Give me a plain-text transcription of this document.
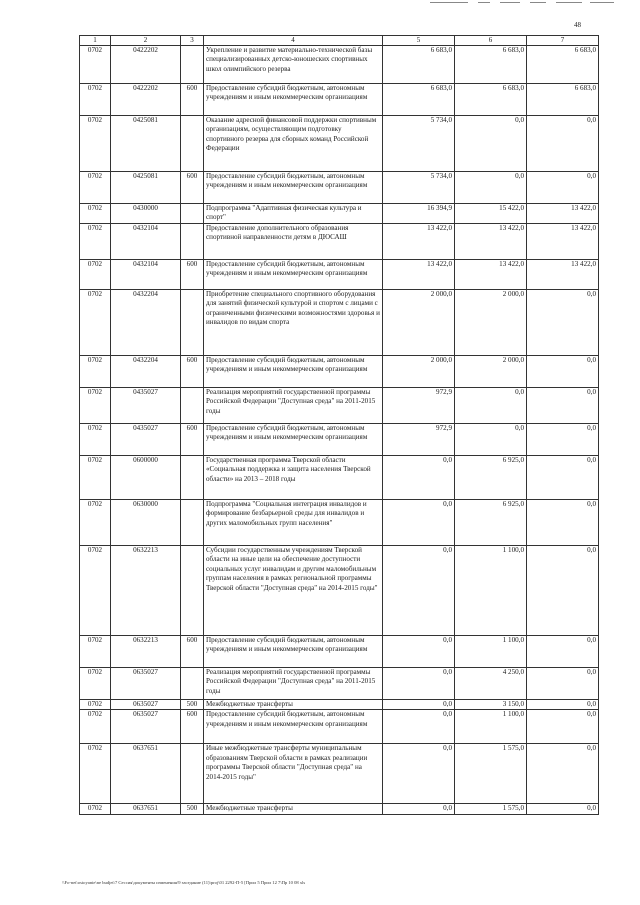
48
1	2	3	4	5	6	7
0702	0422202		Укрепление и развитие материально-технической базы специализированных детско-юношеских спортивных школ олимпийского резерва	6 683,0	6 683,0	6 683,0
0702	0422202	600	Предоставление субсидий бюджетным, автономным учреждениям и иным некоммерческим организациям	6 683,0	6 683,0	6 683,0
0702	0425081		Оказание адресной финансовой поддержки спортивным организациям, осуществляющим подготовку спортивного резерва для сборных команд Российской Федерации	5 734,0	0,0	0,0
0702	0425081	600	Предоставление субсидий бюджетным, автономным учреждениям и иным некоммерческим организациям	5 734,0	0,0	0,0
0702	0430000		Подпрограмма "Адаптивная физическая культура и спорт"	16 394,9	15 422,0	13 422,0
0702	0432104		Предоставление дополнительного образования спортивной направленности детям в ДЮСАШ	13 422,0	13 422,0	13 422,0
0702	0432104	600	Предоставление субсидий бюджетным, автономным учреждениям и иным некоммерческим организациям	13 422,0	13 422,0	13 422,0
0702	0432204		Приобретение специального спортивного оборудования для занятий физической культурой и спортом с лицами с ограниченными физическими возможностями здоровья и инвалидов по видам спорта	2 000,0	2 000,0	0,0
0702	0432204	600	Предоставление субсидий бюджетным, автономным учреждениям и иным некоммерческим организациям	2 000,0	2 000,0	0,0
0702	0435027		Реализация мероприятий государственной программы Российской Федерации "Доступная среда" на 2011-2015 годы	972,9	0,0	0,0
0702	0435027	600	Предоставление субсидий бюджетным, автономным учреждениям и иным некоммерческим организациям	972,9	0,0	0,0
0702	0600000		Государственная программа Тверской области «Социальная поддержка и защита населения Тверской области» на 2013 – 2018 годы	0,0	6 925,0	0,0
0702	0630000		Подпрограмма "Социальная интеграция инвалидов и формирование безбарьерной среды для инвалидов и других маломобильных групп населения"	0,0	6 925,0	0,0
0702	0632213		Субсидии государственным учреждениям Тверской области на иные цели на обеспечение доступности социальных услуг инвалидам и другим маломобильным группам населения в рамках региональной программы Тверской области "Доступная среда" на 2014-2015 годы"	0,0	1 100,0	0,0
0702	0632213	600	Предоставление субсидий бюджетным, автономным учреждениям и иным некоммерческим организациям	0,0	1 100,0	0,0
0702	0635027		Реализация мероприятий государственной программы Российской Федерации "Доступная среда" на 2011-2015 годы	0,0	4 250,0	0,0
0702	0635027	500	Межбюджетные трансферты	0,0	3 150,0	0,0
0702	0635027	600	Предоставление субсидий бюджетным, автономным учреждениям и иным некоммерческим организациям	0,0	1 100,0	0,0
0702	0637651		Иные межбюджетные трансферты муниципальным образованиям Тверской области в рамках реализации программы Тверской области "Доступная среда" на 2014-2015 годы"	0,0	1 575,0	0,0
0702	0637651	500	Межбюджетные трансферты	0,0	1 575,0	0,0
\\Fo-net\ostoyanie\ne budjet\7 Сессия\документы изменения\9 заседание (11)\proj\01 2292-П-5 [Прил 5 Прил 12 7\Пр 10 08 xls
